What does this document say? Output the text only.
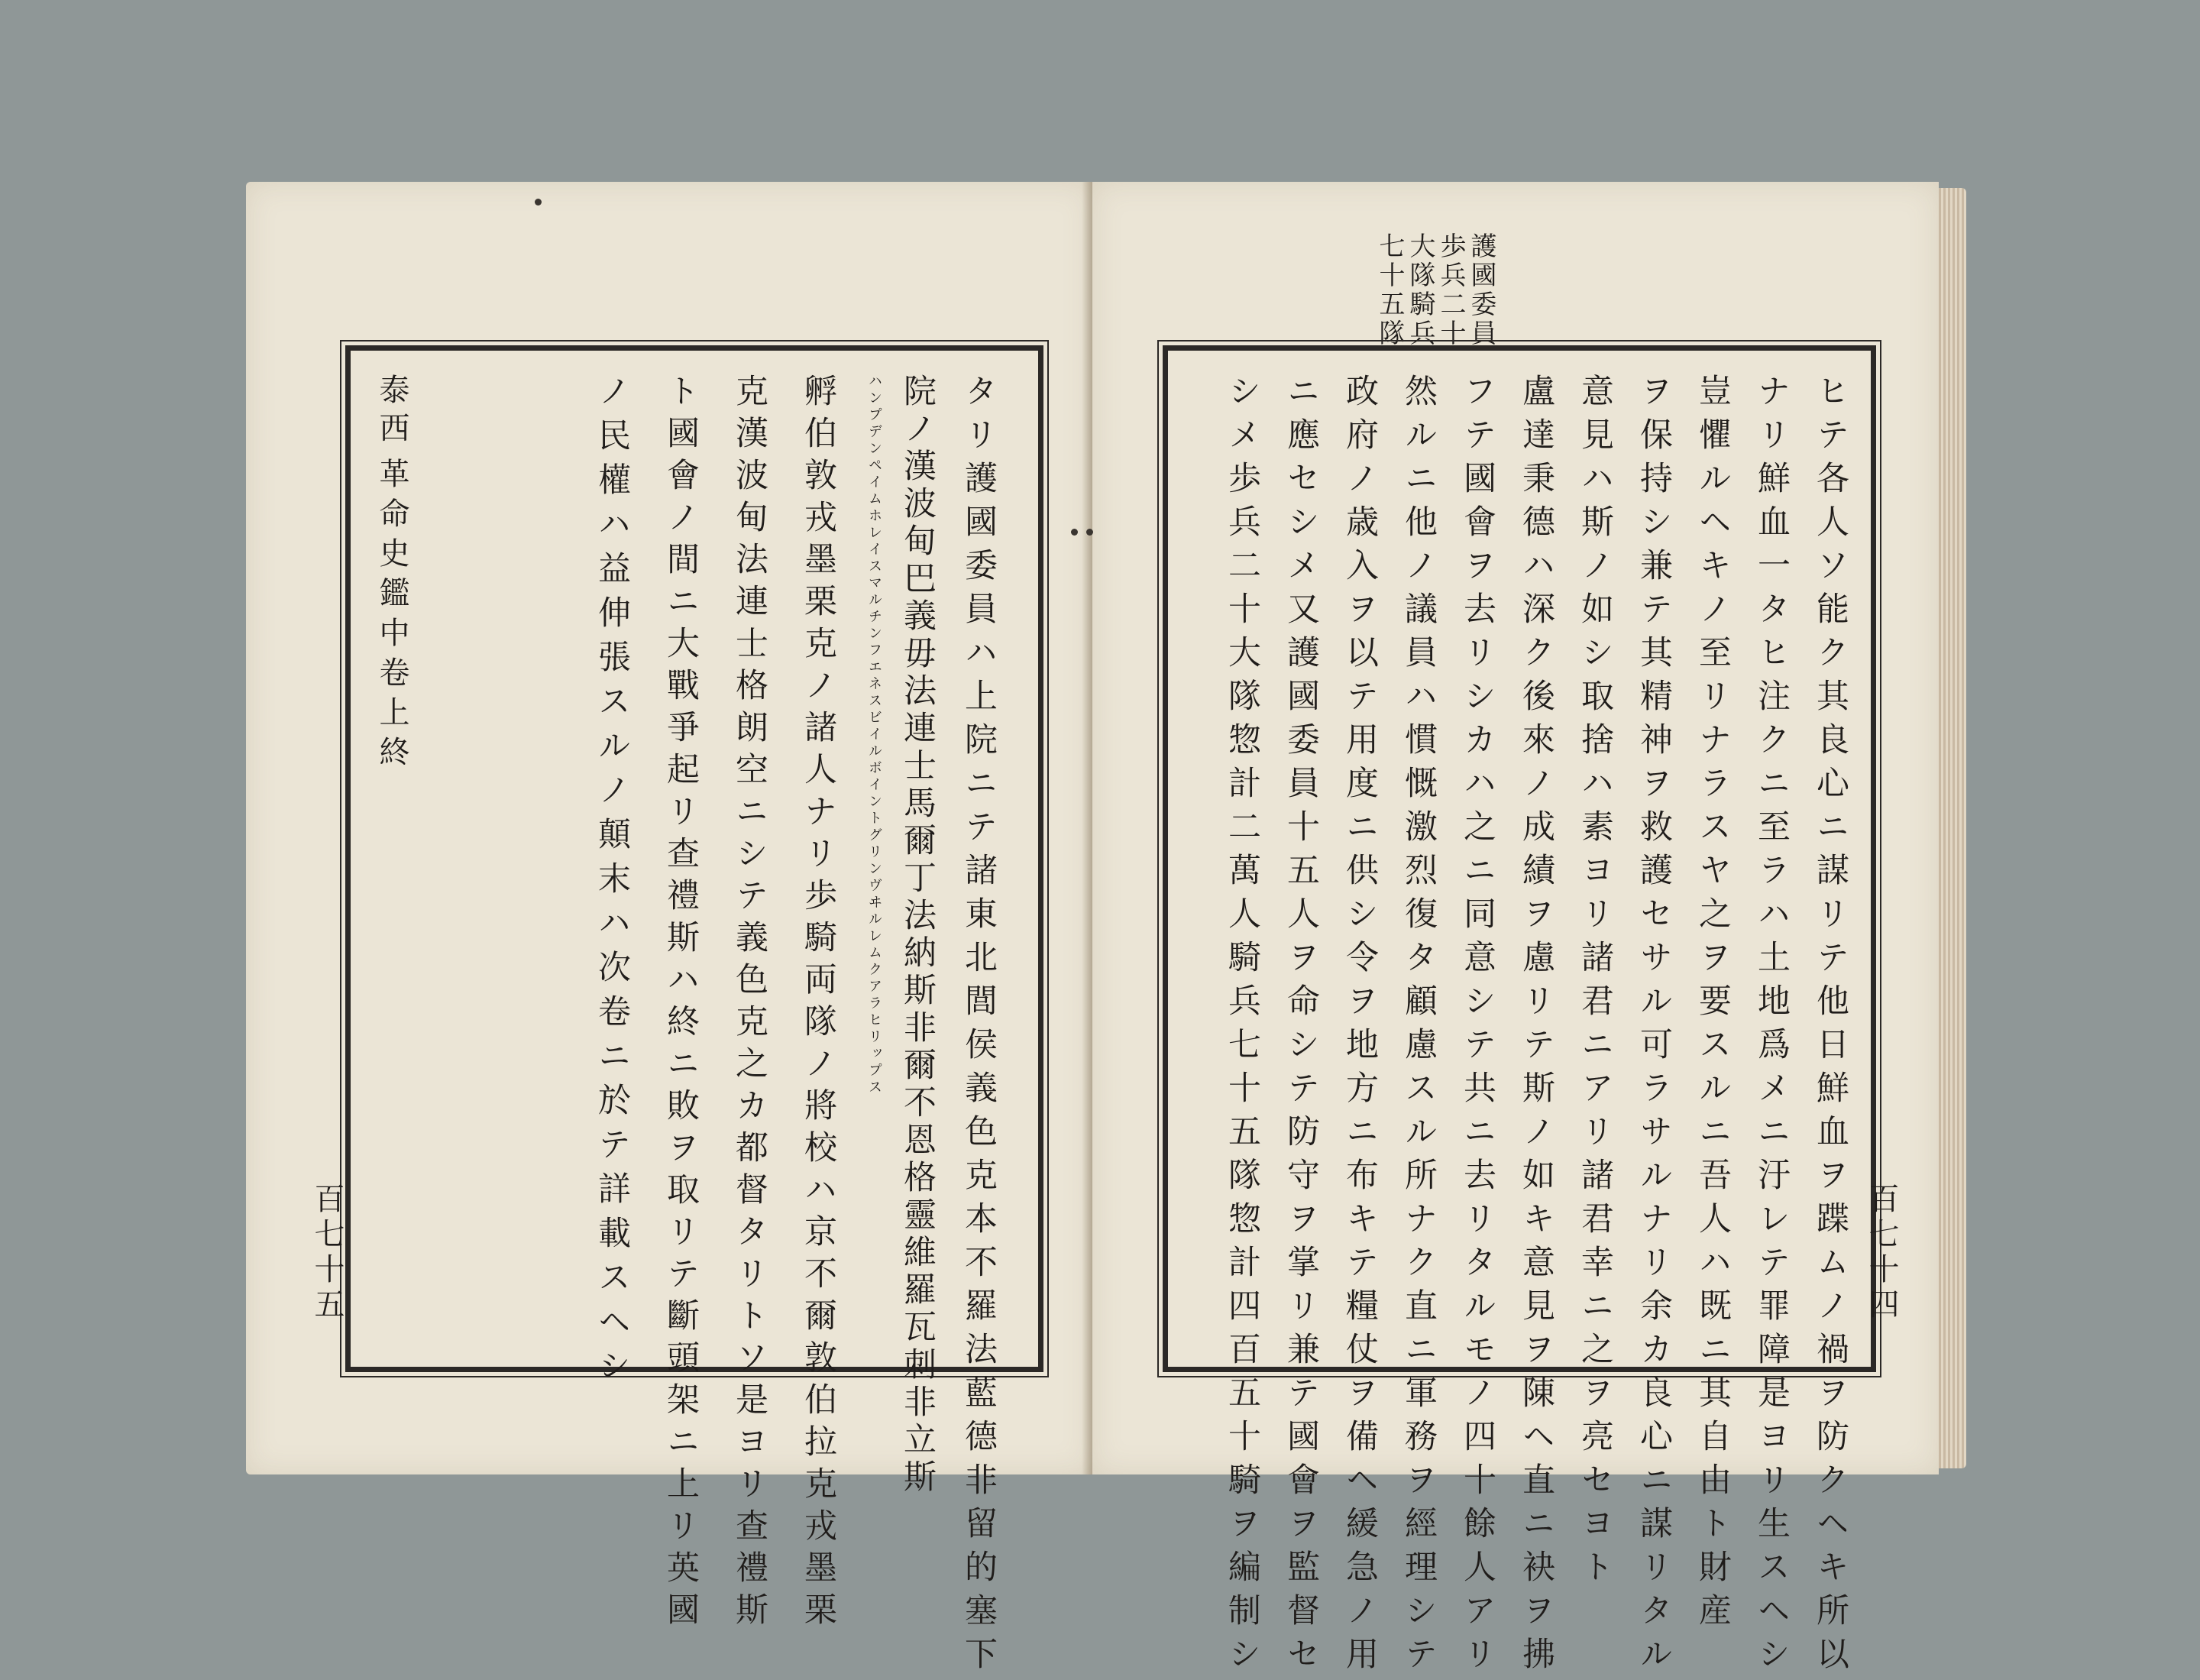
泰
西
革命史鑑中卷上終	タリ護國委員ハ上院ニテ諸東北閭侯義色克本不羅法藍德非留的塞下
院ノ漢波甸巴義毋法連士馬爾丁法納斯非爾不恩格靈維羅瓦刺非立斯
ハンプデンペイムホレイスマルチンフエネスビイルボイントグリンヴヰルレムクアラヒリップス
孵伯敦戎墨栗克ノ諸人ナリ歩騎両隊ノ將校ハ京不爾敦伯拉克戎墨栗
克漢波甸法連士格朗空ニシテ義色克之カ都督タリトソ是ヨリ查禮斯
ト國會ノ間ニ大戰爭起リ查禮斯ハ終ニ敗ヲ取リテ斷頭架ニ上リ英國
ノ民權ハ益伸張スルノ顛末ハ次卷ニ於テ詳載スヘシ
百七十五
七十五隊 大隊騎兵 歩兵二十 護國委員
ヒテ各人ソ能ク其良心ニ謀リテ他日鮮血ヲ蹀ムノ禍ヲ防クヘキ所以
ナリ鮮血一タヒ注クニ至ラハ土地爲メニ汙レテ罪障是ヨリ生スヘシ
豈懼ルヘキノ至リナラスヤ之ヲ要スルニ吾人ハ既ニ其自由ト財産
ヲ保持シ兼テ其精神ヲ救護セサル可ラサルナリ余カ良心ニ謀リタル
意見ハ斯ノ如シ取捨ハ素ヨリ諸君ニアリ諸君幸ニ之ヲ亮セヨト
盧達秉德ハ深ク後來ノ成績ヲ慮リテ斯ノ如キ意見ヲ陳ヘ直ニ袂ヲ拂
フテ國會ヲ去リシカハ之ニ同意シテ共ニ去リタルモノ四十餘人アリ
然ルニ他ノ議員ハ慣慨激烈復タ顧慮スル所ナク直ニ軍務ヲ經理シテ
政府ノ歳入ヲ以テ用度ニ供シ令ヲ地方ニ布キテ糧仗ヲ備ヘ緩急ノ用
ニ應セシメ又護國委員十五人ヲ命シテ防守ヲ掌リ兼テ國會ヲ監督セ
シメ歩兵二十大隊惣計二萬人騎兵七十五隊惣計四百五十騎ヲ編制シ	百七十四
